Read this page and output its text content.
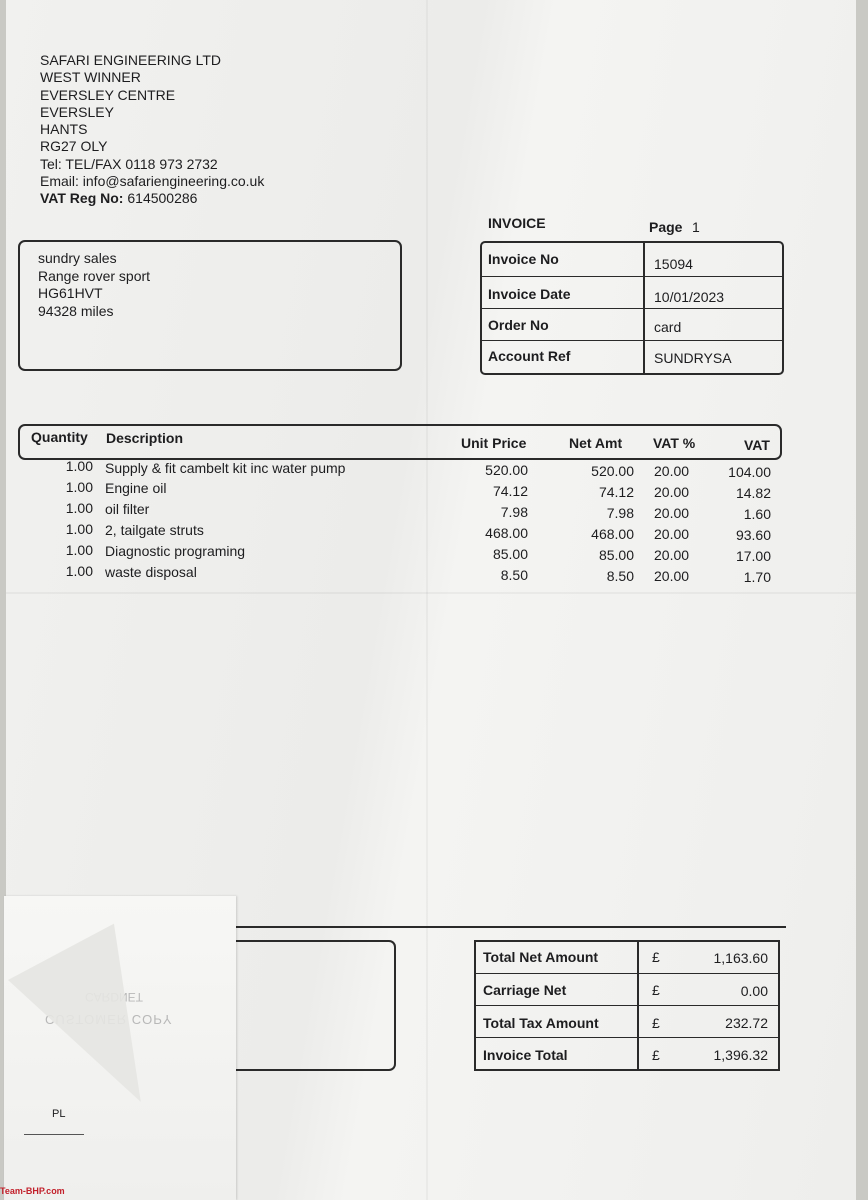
SAFARI ENGINEERING LTD
WEST WINNER
EVERSLEY CENTRE
EVERSLEY
HANTS
RG27 OLY
Tel: TEL/FAX 0118 973 2732
Email: info@safariengineering.co.uk
VAT Reg No: 614500286
INVOICE	Page 1
sundry sales
Range rover sport
HG61HVT
94328 miles
Invoice No	15094
Invoice Date	10/01/2023
Order No	card
Account Ref	SUNDRYSA
Quantity Description	Unit Price	Net Amt VAT %	VAT
1.00 Supply & fit cambelt kit inc water pump	520.00	520.00 20.00	104.00
1.00 Engine oil	74.12	74.12 20.00	14.82
1.00 oil filter	7.98	7.98 20.00	1.60
1.00 2, tailgate struts	468.00	468.00 20.00	93.60
1.00 Diagnostic programing	85.00	85.00 20.00	17.00
1.00 waste disposal	8.50	8.50 20.00	1.70
Total Net Amount	£	1,163.60
Carriage Net	£	0.00
Total Tax Amount	£	232.72
Invoice Total	£	1,396.32
CUSTOMER COPY
CARDNET
PL
Team-BHP.com
